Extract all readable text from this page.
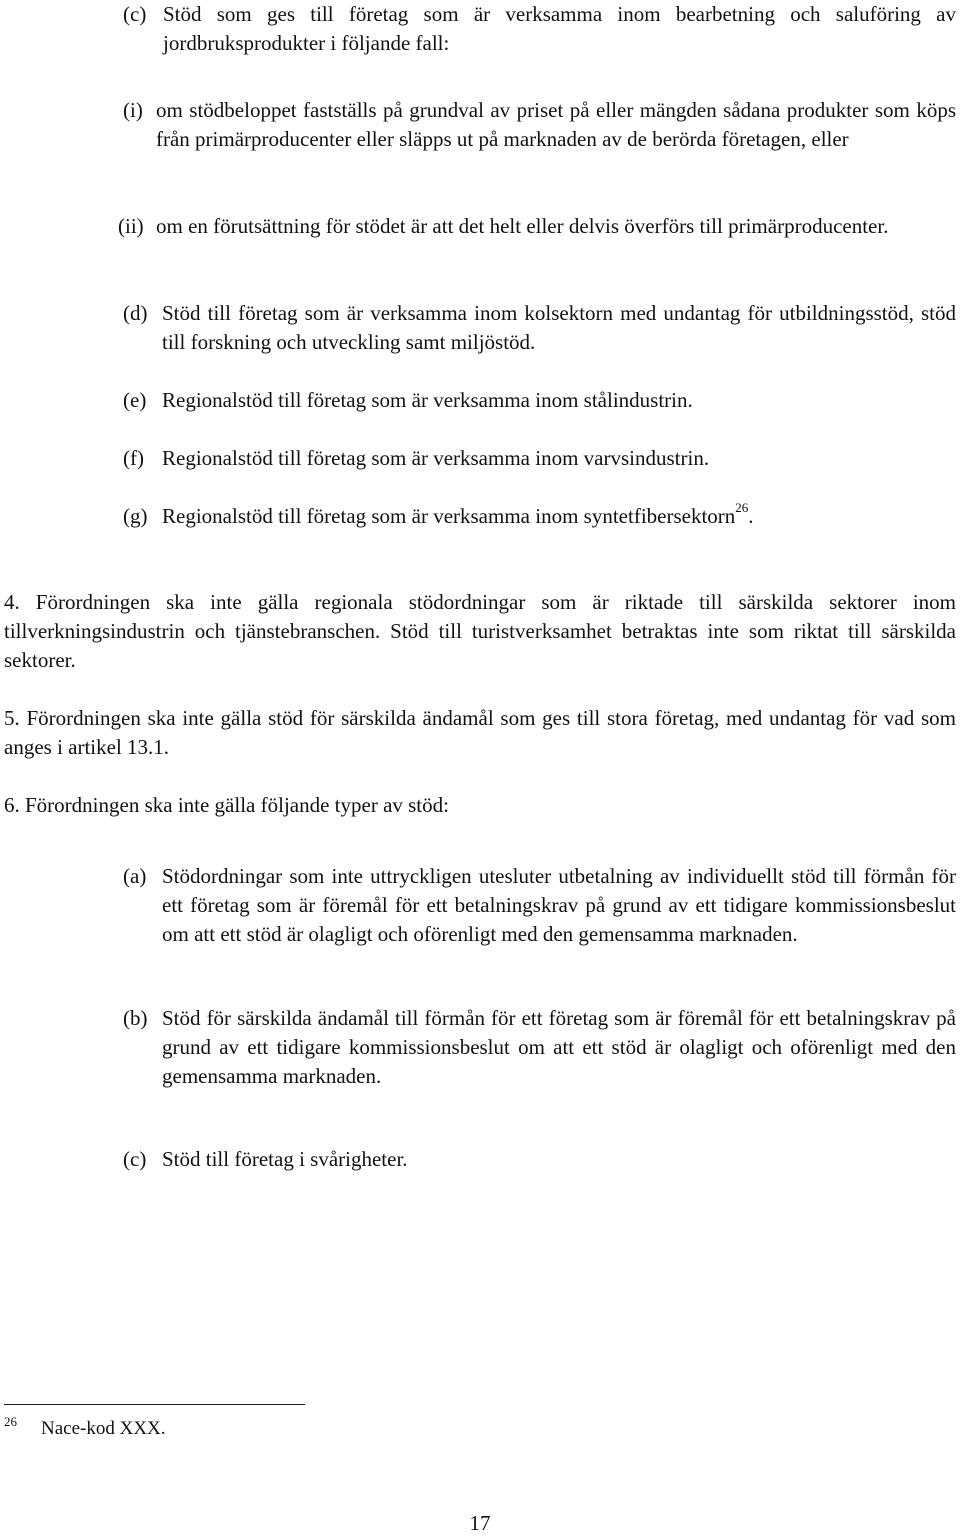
(c) Stöd som ges till företag som är verksamma inom bearbetning och saluföring av jordbruksprodukter i följande fall:
(i) om stödbeloppet fastställs på grundval av priset på eller mängden sådana produkter som köps från primärproducenter eller släpps ut på marknaden av de berörda företagen, eller
(ii) om en förutsättning för stödet är att det helt eller delvis överförs till primärproducenter.
(d) Stöd till företag som är verksamma inom kolsektorn med undantag för utbildningsstöd, stöd till forskning och utveckling samt miljöstöd.
(e) Regionalstöd till företag som är verksamma inom stålindustrin.
(f) Regionalstöd till företag som är verksamma inom varvsindustrin.
(g) Regionalstöd till företag som är verksamma inom syntetfibersektorn$^{26}$.
4. Förordningen ska inte gälla regionala stödordningar som är riktade till särskilda sektorer inom tillverkningsindustrin och tjänstebranschen. Stöd till turistverksamhet betraktas inte som riktat till särskilda sektorer.
5. Förordningen ska inte gälla stöd för särskilda ändamål som ges till stora företag, med undantag för vad som anges i artikel 13.1.
6. Förordningen ska inte gälla följande typer av stöd:
(a) Stödordningar som inte uttryckligen utesluter utbetalning av individuellt stöd till förmån för ett företag som är föremål för ett betalningskrav på grund av ett tidigare kommissionsbeslut om att ett stöd är olagligt och oförenligt med den gemensamma marknaden.
(b) Stöd för särskilda ändamål till förmån för ett företag som är föremål för ett betalningskrav på grund av ett tidigare kommissionsbeslut om att ett stöd är olagligt och oförenligt med den gemensamma marknaden.
(c) Stöd till företag i svårigheter.
26 Nace-kod XXX.
17
